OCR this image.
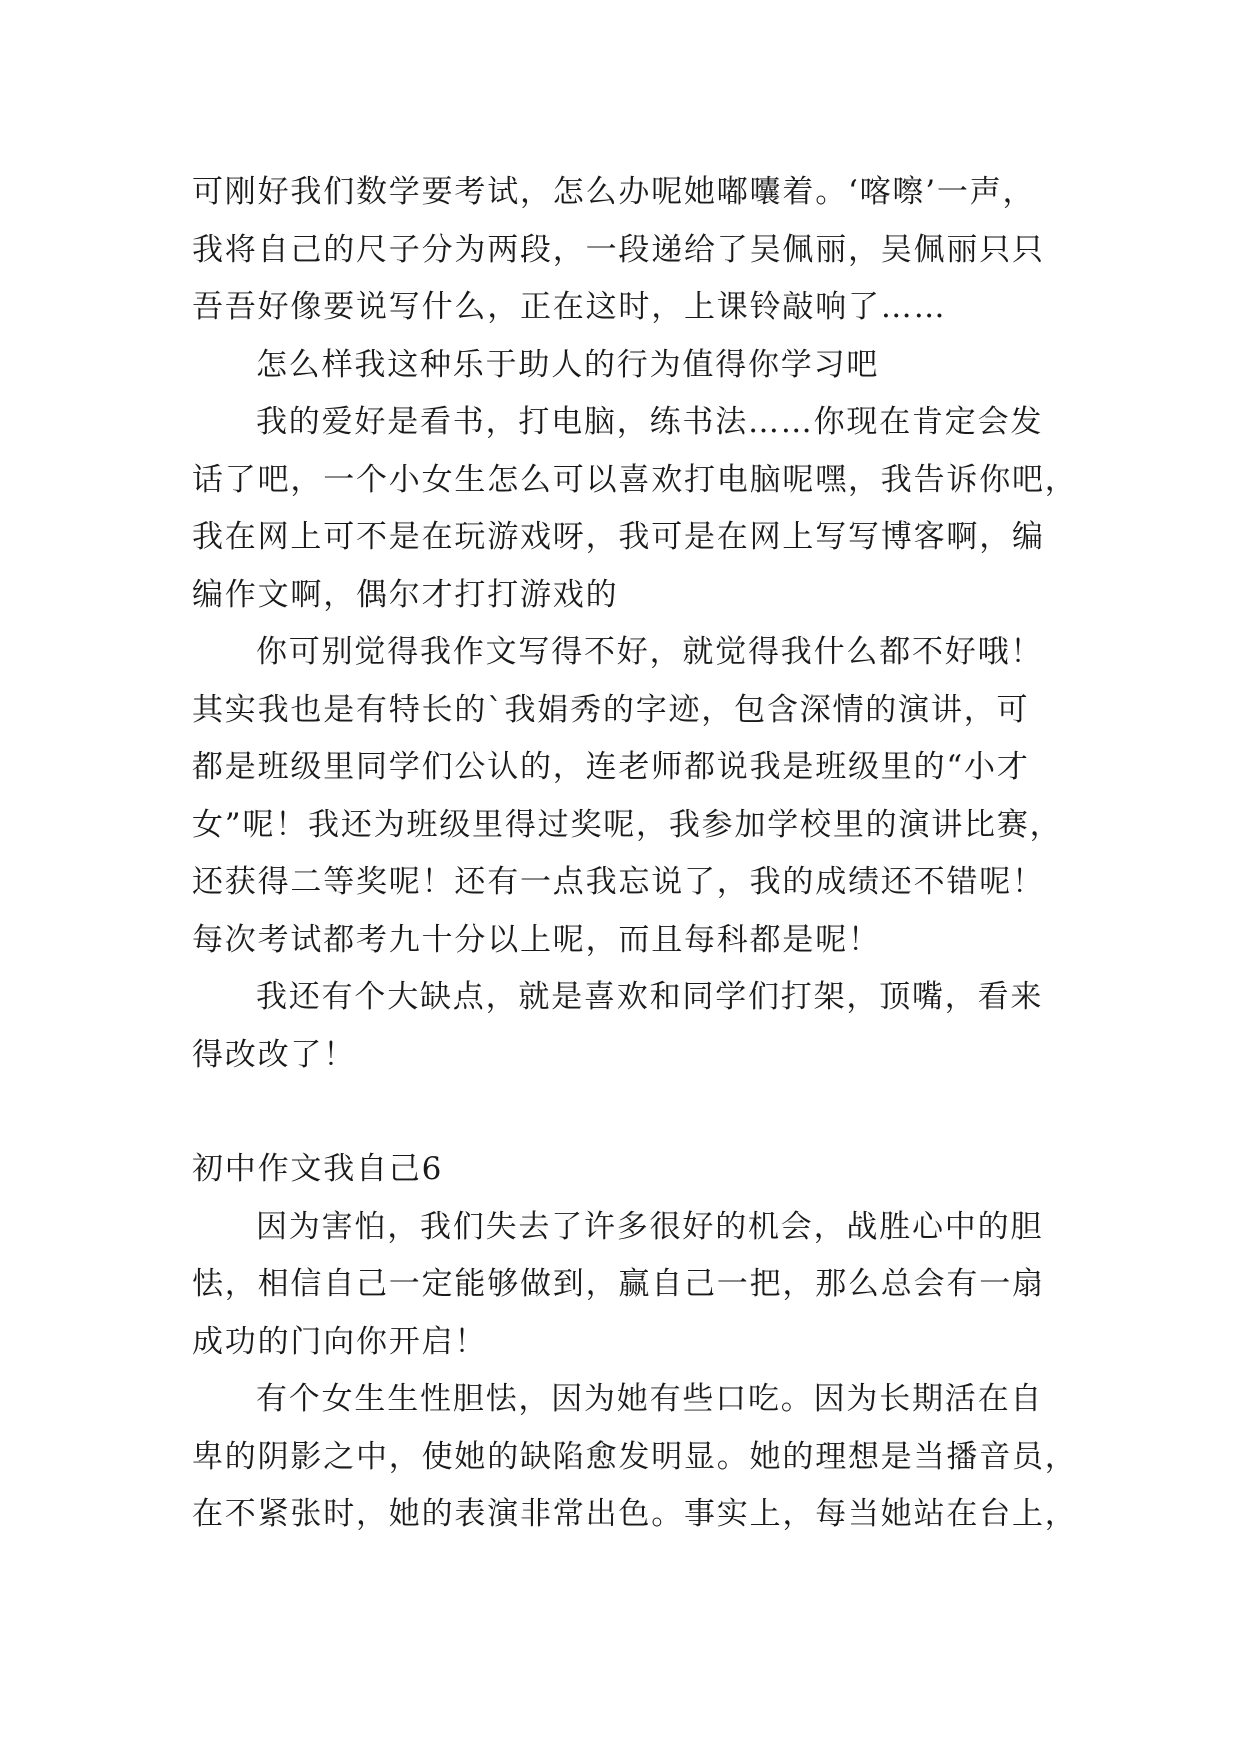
可刚好我们数学要考试，怎么办呢她嘟囔着。‘喀嚓’一声，
我将自己的尺子分为两段，一段递给了吴佩丽，吴佩丽只只
吾吾好像要说写什么，正在这时，上课铃敲响了……
怎么样我这种乐于助人的行为值得你学习吧
我的爱好是看书，打电脑，练书法……你现在肯定会发
话了吧，一个小女生怎么可以喜欢打电脑呢嘿，我告诉你吧，
我在网上可不是在玩游戏呀，我可是在网上写写博客啊，编
编作文啊，偶尔才打打游戏的
你可别觉得我作文写得不好，就觉得我什么都不好哦！
其实我也是有特长的`我娟秀的字迹，包含深情的演讲，可
都是班级里同学们公认的，连老师都说我是班级里的“小才
女”呢！我还为班级里得过奖呢，我参加学校里的演讲比赛，
还获得二等奖呢！还有一点我忘说了，我的成绩还不错呢！
每次考试都考九十分以上呢，而且每科都是呢！
我还有个大缺点，就是喜欢和同学们打架，顶嘴，看来
得改改了！
初中作文我自己6
因为害怕，我们失去了许多很好的机会，战胜心中的胆
怯，相信自己一定能够做到，赢自己一把，那么总会有一扇
成功的门向你开启！
有个女生生性胆怯，因为她有些口吃。因为长期活在自
卑的阴影之中，使她的缺陷愈发明显。她的理想是当播音员，
在不紧张时，她的表演非常出色。事实上，每当她站在台上，
